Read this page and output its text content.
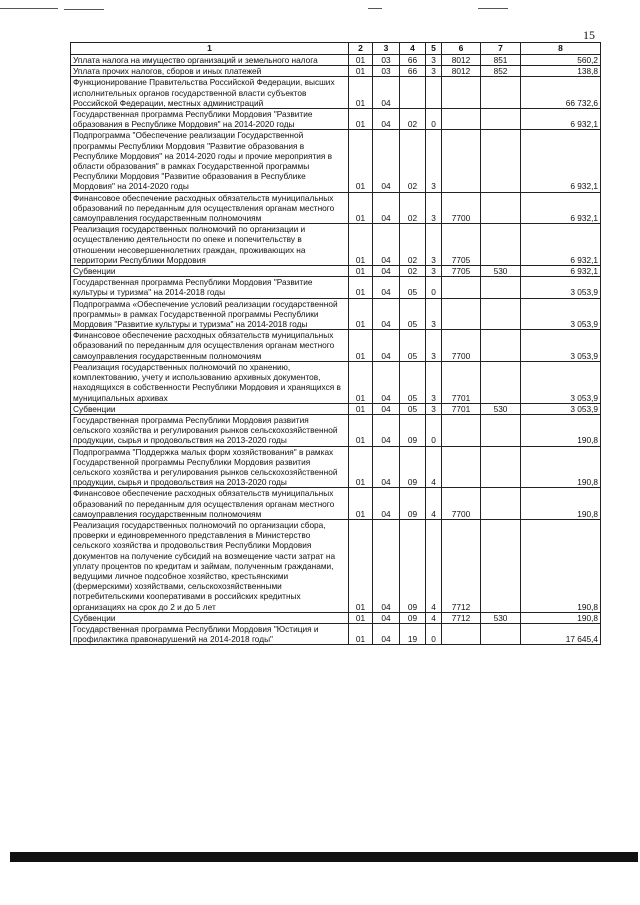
15
1	2	3	4	5	6	7	8
Уплата налога на имущество организаций и земельного налога	01	03	66	3	8012	851	560,2
Уплата прочих налогов, сборов и иных платежей	01	03	66	3	8012	852	138,8
Функционирование Правительства Российской Федерации, высших исполнительных органов государственной власти субъектов Российской Федерации, местных администраций	01	04					66 732,6
Государственная программа Республики Мордовия "Развитие образования в Республике Мордовия" на 2014-2020 годы	01	04	02	0			6 932,1
Подпрограмма "Обеспечение реализации Государственной программы Республики Мордовия "Развитие образования в Республике Мордовия" на 2014-2020 годы и прочие мероприятия в области образования" в рамках Государственной программы Республики Мордовия "Развитие образования в Республике Мордовия" на 2014-2020 годы	01	04	02	3			6 932,1
Финансовое обеспечение расходных обязательств муниципальных образований по переданным для осуществления органам местного самоуправления государственным полномочиям	01	04	02	3	7700		6 932,1
Реализация государственных полномочий по организации и осуществлению деятельности по опеке и попечительству в отношении несовершеннолетних граждан, проживающих на территории Республики Мордовия	01	04	02	3	7705		6 932,1
Субвенции	01	04	02	3	7705	530	6 932,1
Государственная программа Республики Мордовия "Развитие культуры и туризма" на 2014-2018 годы	01	04	05	0			3 053,9
Подпрограмма «Обеспечение условий реализации государственной программы» в рамках Государственной программы Республики Мордовия "Развитие культуры и туризма" на 2014-2018 годы	01	04	05	3			3 053,9
Финансовое обеспечение расходных обязательств муниципальных образований по переданным для осуществления органам местного самоуправления государственным полномочиям	01	04	05	3	7700		3 053,9
Реализация государственных полномочий по хранению, комплектованию, учету и использованию архивных документов, находящихся в собственности Республики Мордовия и хранящихся в муниципальных архивах	01	04	05	3	7701		3 053,9
Субвенции	01	04	05	3	7701	530	3 053,9
Государственная программа Республики Мордовия развития сельского хозяйства и регулирования рынков сельскохозяйственной продукции, сырья и продовольствия на 2013-2020 годы	01	04	09	0			190,8
Подпрограмма "Поддержка малых форм хозяйствования" в рамках Государственной программы Республики Мордовия развития сельского хозяйства и регулирования рынков сельскохозяйственной продукции, сырья и продовольствия на 2013-2020 годы	01	04	09	4			190,8
Финансовое обеспечение расходных обязательств муниципальных образований по переданным для осуществления органам местного самоуправления государственным полномочиям	01	04	09	4	7700		190,8
Реализация государственных полномочий по организации сбора, проверки и единовременного представления в Министерство сельского хозяйства и продовольствия Республики Мордовия документов на получение субсидий на возмещение части затрат на уплату процентов по кредитам и займам, полученным гражданами, ведущими личное подсобное хозяйство, крестьянскими (фермерскими) хозяйствами, сельскохозяйственными потребительскими кооперативами в российских кредитных организациях на срок до 2 и до 5 лет	01	04	09	4	7712		190,8
Субвенции	01	04	09	4	7712	530	190,8
Государственная программа Республики Мордовия "Юстиция и профилактика правонарушений на 2014-2018 годы"	01	04	19	0			17 645,4
